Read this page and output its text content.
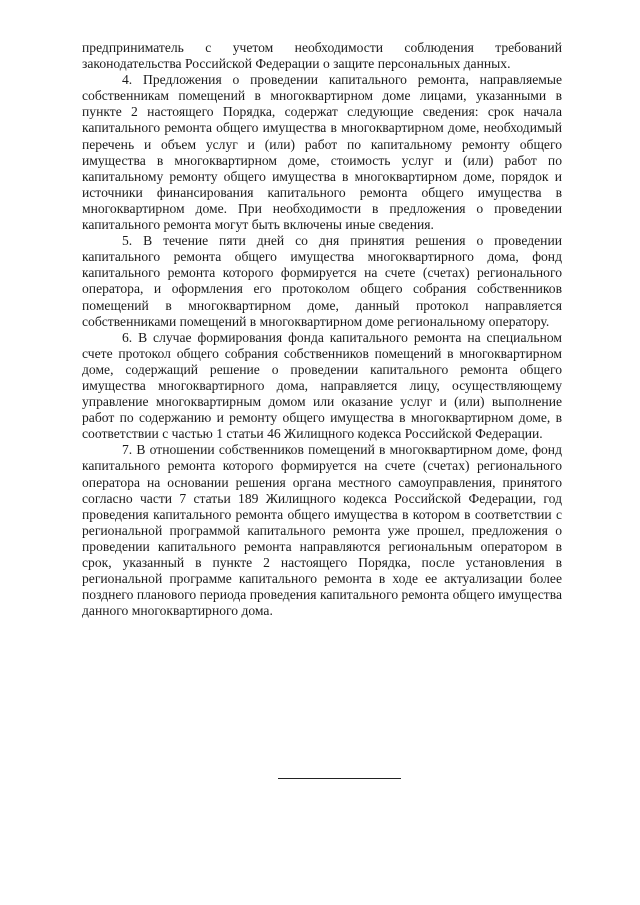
предприниматель с учетом необходимости соблюдения требований законодательства Российской Федерации о защите персональных данных.

4. Предложения о проведении капитального ремонта, направляемые собственникам помещений в многоквартирном доме лицами, указанными в пункте 2 настоящего Порядка, содержат следующие сведения: срок начала капитального ремонта общего имущества в многоквартирном доме, необходимый перечень и объем услуг и (или) работ по капитальному ремонту общего имущества в многоквартирном доме, стоимость услуг и (или) работ по капитальному ремонту общего имущества в многоквартирном доме, порядок и источники финансирования капитального ремонта общего имущества в многоквартирном доме. При необходимости в предложения о проведении капитального ремонта могут быть включены иные сведения.

5. В течение пяти дней со дня принятия решения о проведении капитального ремонта общего имущества многоквартирного дома, фонд капитального ремонта которого формируется на счете (счетах) регионального оператора, и оформления его протоколом общего собрания собственников помещений в многоквартирном доме, данный протокол направляется собственниками помещений в многоквартирном доме региональному оператору.

6. В случае формирования фонда капитального ремонта на специальном счете протокол общего собрания собственников помещений в многоквартирном доме, содержащий решение о проведении капитального ремонта общего имущества многоквартирного дома, направляется лицу, осуществляющему управление многоквартирным домом или оказание услуг и (или) выполнение работ по содержанию и ремонту общего имущества в многоквартирном доме, в соответствии с частью 1 статьи 46 Жилищного кодекса Российской Федерации.

7. В отношении собственников помещений в многоквартирном доме, фонд капитального ремонта которого формируется на счете (счетах) регионального оператора на основании решения органа местного самоуправления, принятого согласно части 7 статьи 189 Жилищного кодекса Российской Федерации, год проведения капитального ремонта общего имущества в котором в соответствии с региональной программой капитального ремонта уже прошел, предложения о проведении капитального ремонта направляются региональным оператором в срок, указанный в пункте 2 настоящего Порядка, после установления в региональной программе капитального ремонта в ходе ее актуализации более позднего планового периода проведения капитального ремонта общего имущества данного многоквартирного дома.
